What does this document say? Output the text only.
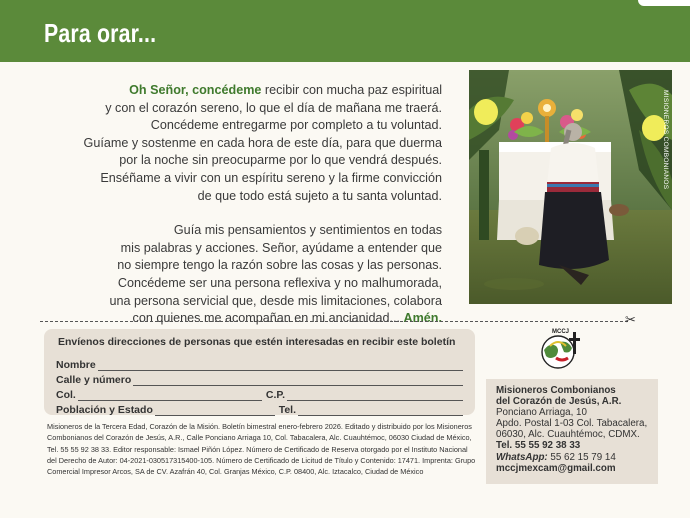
Para orar...

Oh Señor, concédeme recibir con mucha paz espiritual
y con el corazón sereno, lo que el día de mañana me traerá.
Concédeme entregarme por completo a tu voluntad.
Guíame y sostenme en cada hora de este día, para que duerma
por la noche sin preocuparme por lo que vendrá después.
Enséñame a vivir con un espíritu sereno y la firme convicción
de que todo está sujeto a tu santa voluntad.

Guía mis pensamientos y sentimientos en todas
mis palabras y acciones. Señor, ayúdame a entender que
no siempre tengo la razón sobre las cosas y las personas.
Concédeme ser una persona reflexiva y no malhumorada,
una persona servicial que, desde mis limitaciones, colabora
con quienes me acompañan en mi ancianidad... Amén.

MISIONEROS COMBONIANOS
✂
Envíenos direcciones de personas que estén interesadas en recibir este boletín
Nombre
Calle y número
Col.	C.P.
Población y Estado	Tel.
MCCJ
Misioneros Combonianos
del Corazón de Jesús, A.R.
Ponciano Arriaga, 10
Apdo. Postal 1-03 Col. Tabacalera,
06030, Alc. Cuauhtémoc, CDMX.
Tel. 55 55 92 38 33
WhatsApp: 55 62 15 79 14
mccjmexcam@gmail.com
Misioneros de la Tercera Edad, Corazón de la Misión. Boletín bimestral enero-febrero 2026. Editado y distribuido por los Misioneros Combonianos del Corazón de Jesús, A.R., Calle Ponciano Arriaga 10, Col. Tabacalera, Alc. Cuauhtémoc, 06030 Ciudad de México, Tel. 55 55 92 38 33. Editor responsable: Ismael Piñón López. Número de Certificado de Reserva otorgado por el Instituto Nacional del Derecho de Autor: 04-2021-030517315400-105. Número de Certificado de Licitud de Título y Contenido: 17471. Imprenta: Grupo Comercial Impresor Arcos, SA de CV. Azafrán 40, Col. Granjas México, C.P. 08400, Alc. Iztacalco, Ciudad de México
